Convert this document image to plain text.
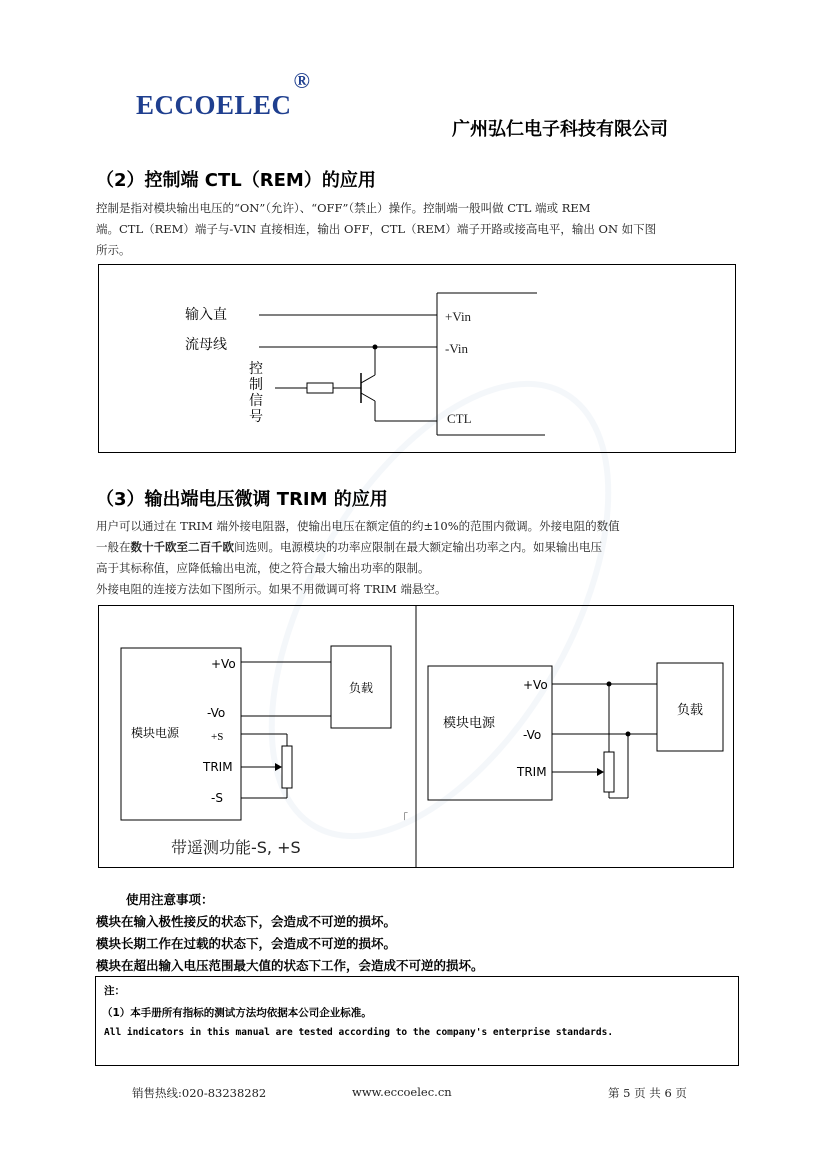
ECCOELEC®
广州弘仁电子科技有限公司
（2）控制端 CTL（REM）的应用

控制是指对模块输出电压的“ON”（允许）、“OFF”（禁止）操作。控制端一般叫做 CTL 端或 REM

端。CTL（REM）端子与-VIN 直接相连，输出 OFF，CTL（REM）端子开路或接高电平，输出 ON 如下图

所示。

输入直
流母线
控
制
信
号
+Vin
-Vin
CTL
（3）输出端电压微调 TRIM 的应用

用户可以通过在 TRIM 端外接电阻器，使输出电压在额定值的约±10%的范围内微调。外接电阻的数值

一般在数十千欧至二百千欧间选则。电源模块的功率应限制在最大额定输出功率之内。如果输出电压

高于其标称值，应降低输出电流，使之符合最大输出功率的限制。

外接电阻的连接方法如下图所示。如果不用微调可将 TRIM 端悬空。

+Vo
-Vo
+S
TRIM
-S
模块电源
负载
「
带遥测功能-S, +S
+Vo
-Vo
TRIM
模块电源
负载
使用注意事项：
模块在输入极性接反的状态下，会造成不可逆的损坏。
模块长期工作在过载的状态下，会造成不可逆的损坏。
模块在超出输入电压范围最大值的状态下工作，会造成不可逆的损坏。
注：
（1）本手册所有指标的测试方法均依据本公司企业标准。
All indicators in this manual are tested according to the company's enterprise standards.
销售热线:020-83238282	www.eccoelec.cn	第 5 页 共 6 页
